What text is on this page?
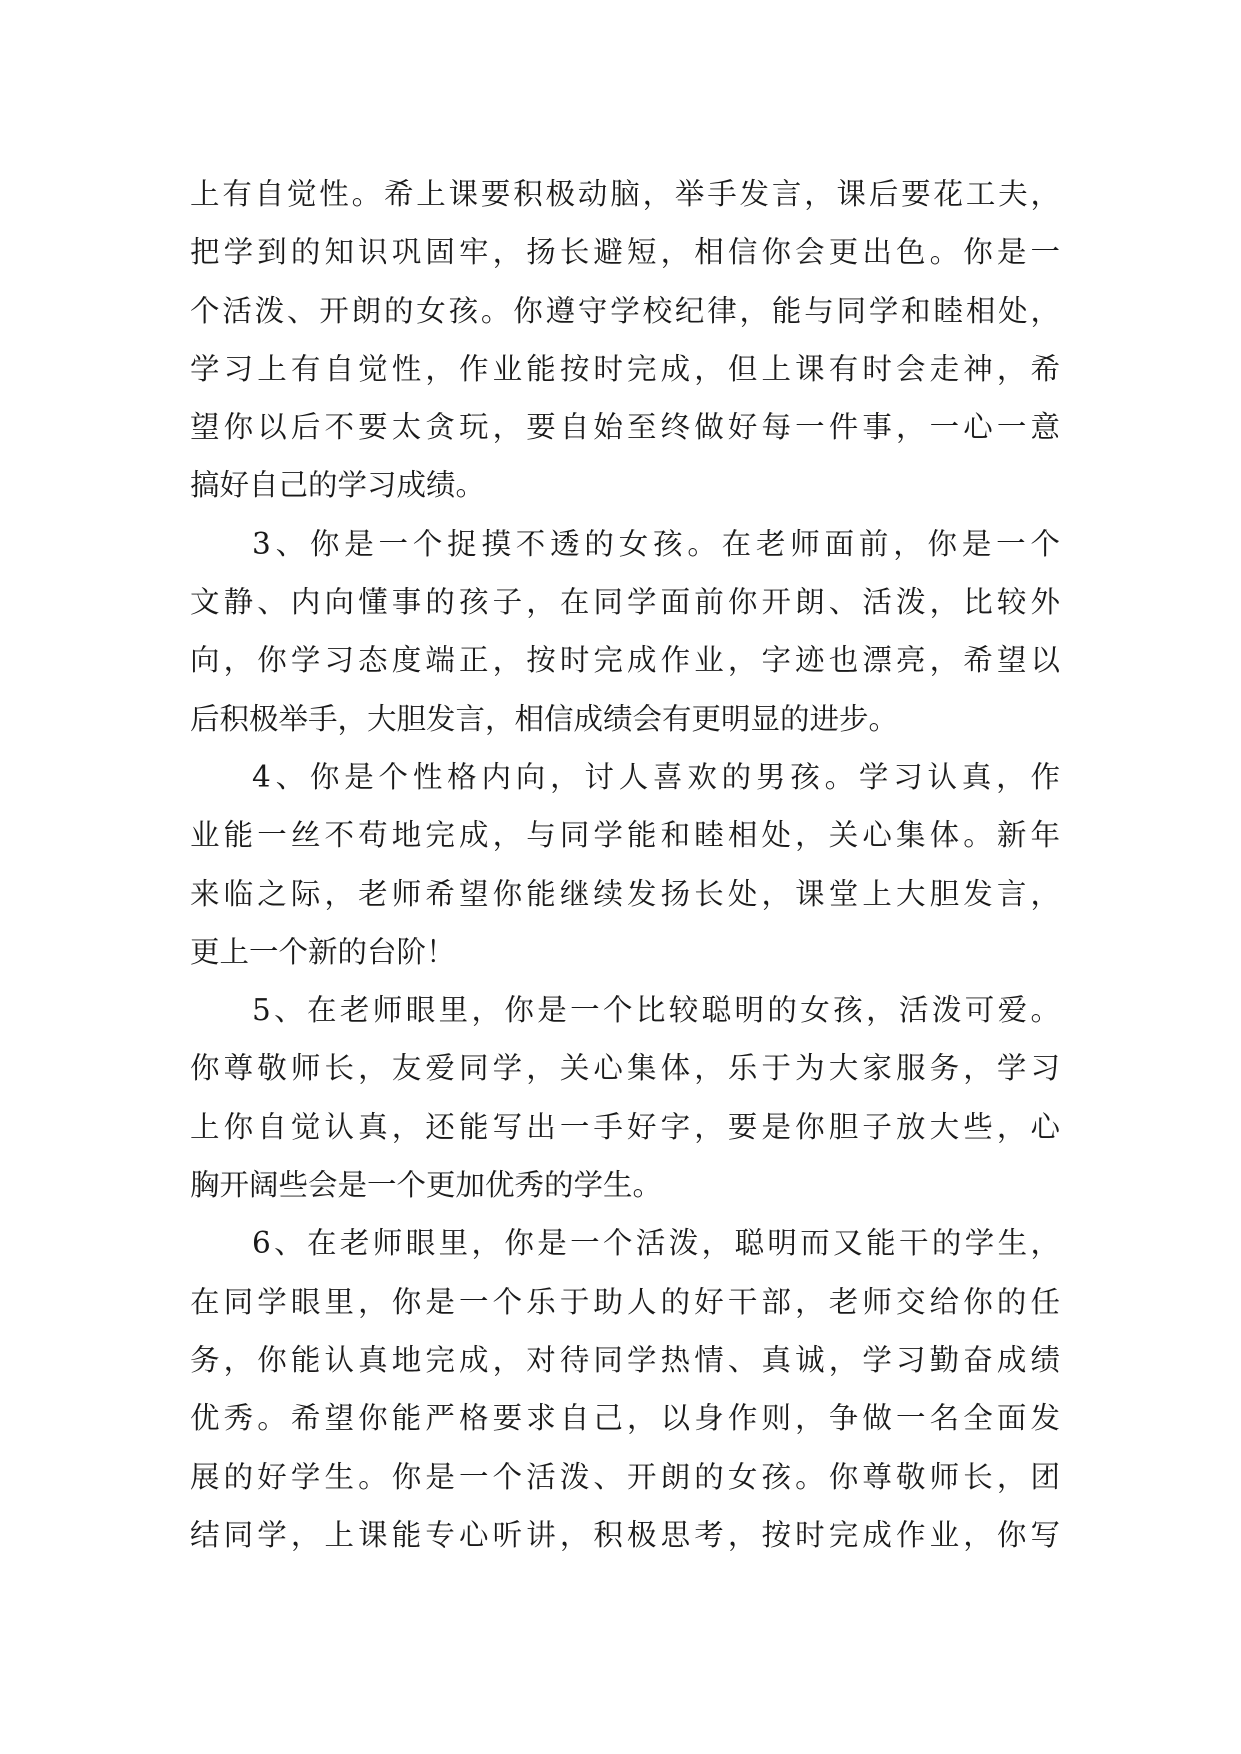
上有自觉性。希上课要积极动脑，举手发言，课后要花工夫，
把学到的知识巩固牢，扬长避短，相信你会更出色。你是一
个活泼、开朗的女孩。你遵守学校纪律，能与同学和睦相处，
学习上有自觉性，作业能按时完成，但上课有时会走神，希
望你以后不要太贪玩，要自始至终做好每一件事，一心一意
搞好自己的学习成绩。
3、你是一个捉摸不透的女孩。在老师面前，你是一个
文静、内向懂事的孩子，在同学面前你开朗、活泼，比较外
向，你学习态度端正，按时完成作业，字迹也漂亮，希望以
后积极举手，大胆发言，相信成绩会有更明显的进步。
4、你是个性格内向，讨人喜欢的男孩。学习认真，作
业能一丝不苟地完成，与同学能和睦相处，关心集体。新年
来临之际，老师希望你能继续发扬长处，课堂上大胆发言，
更上一个新的台阶！
5、在老师眼里，你是一个比较聪明的女孩，活泼可爱。
你尊敬师长，友爱同学，关心集体，乐于为大家服务，学习
上你自觉认真，还能写出一手好字，要是你胆子放大些，心
胸开阔些会是一个更加优秀的学生。
6、在老师眼里，你是一个活泼，聪明而又能干的学生，
在同学眼里，你是一个乐于助人的好干部，老师交给你的任
务，你能认真地完成，对待同学热情、真诚，学习勤奋成绩
优秀。希望你能严格要求自己，以身作则，争做一名全面发
展的好学生。你是一个活泼、开朗的女孩。你尊敬师长，团
结同学，上课能专心听讲，积极思考，按时完成作业，你写
